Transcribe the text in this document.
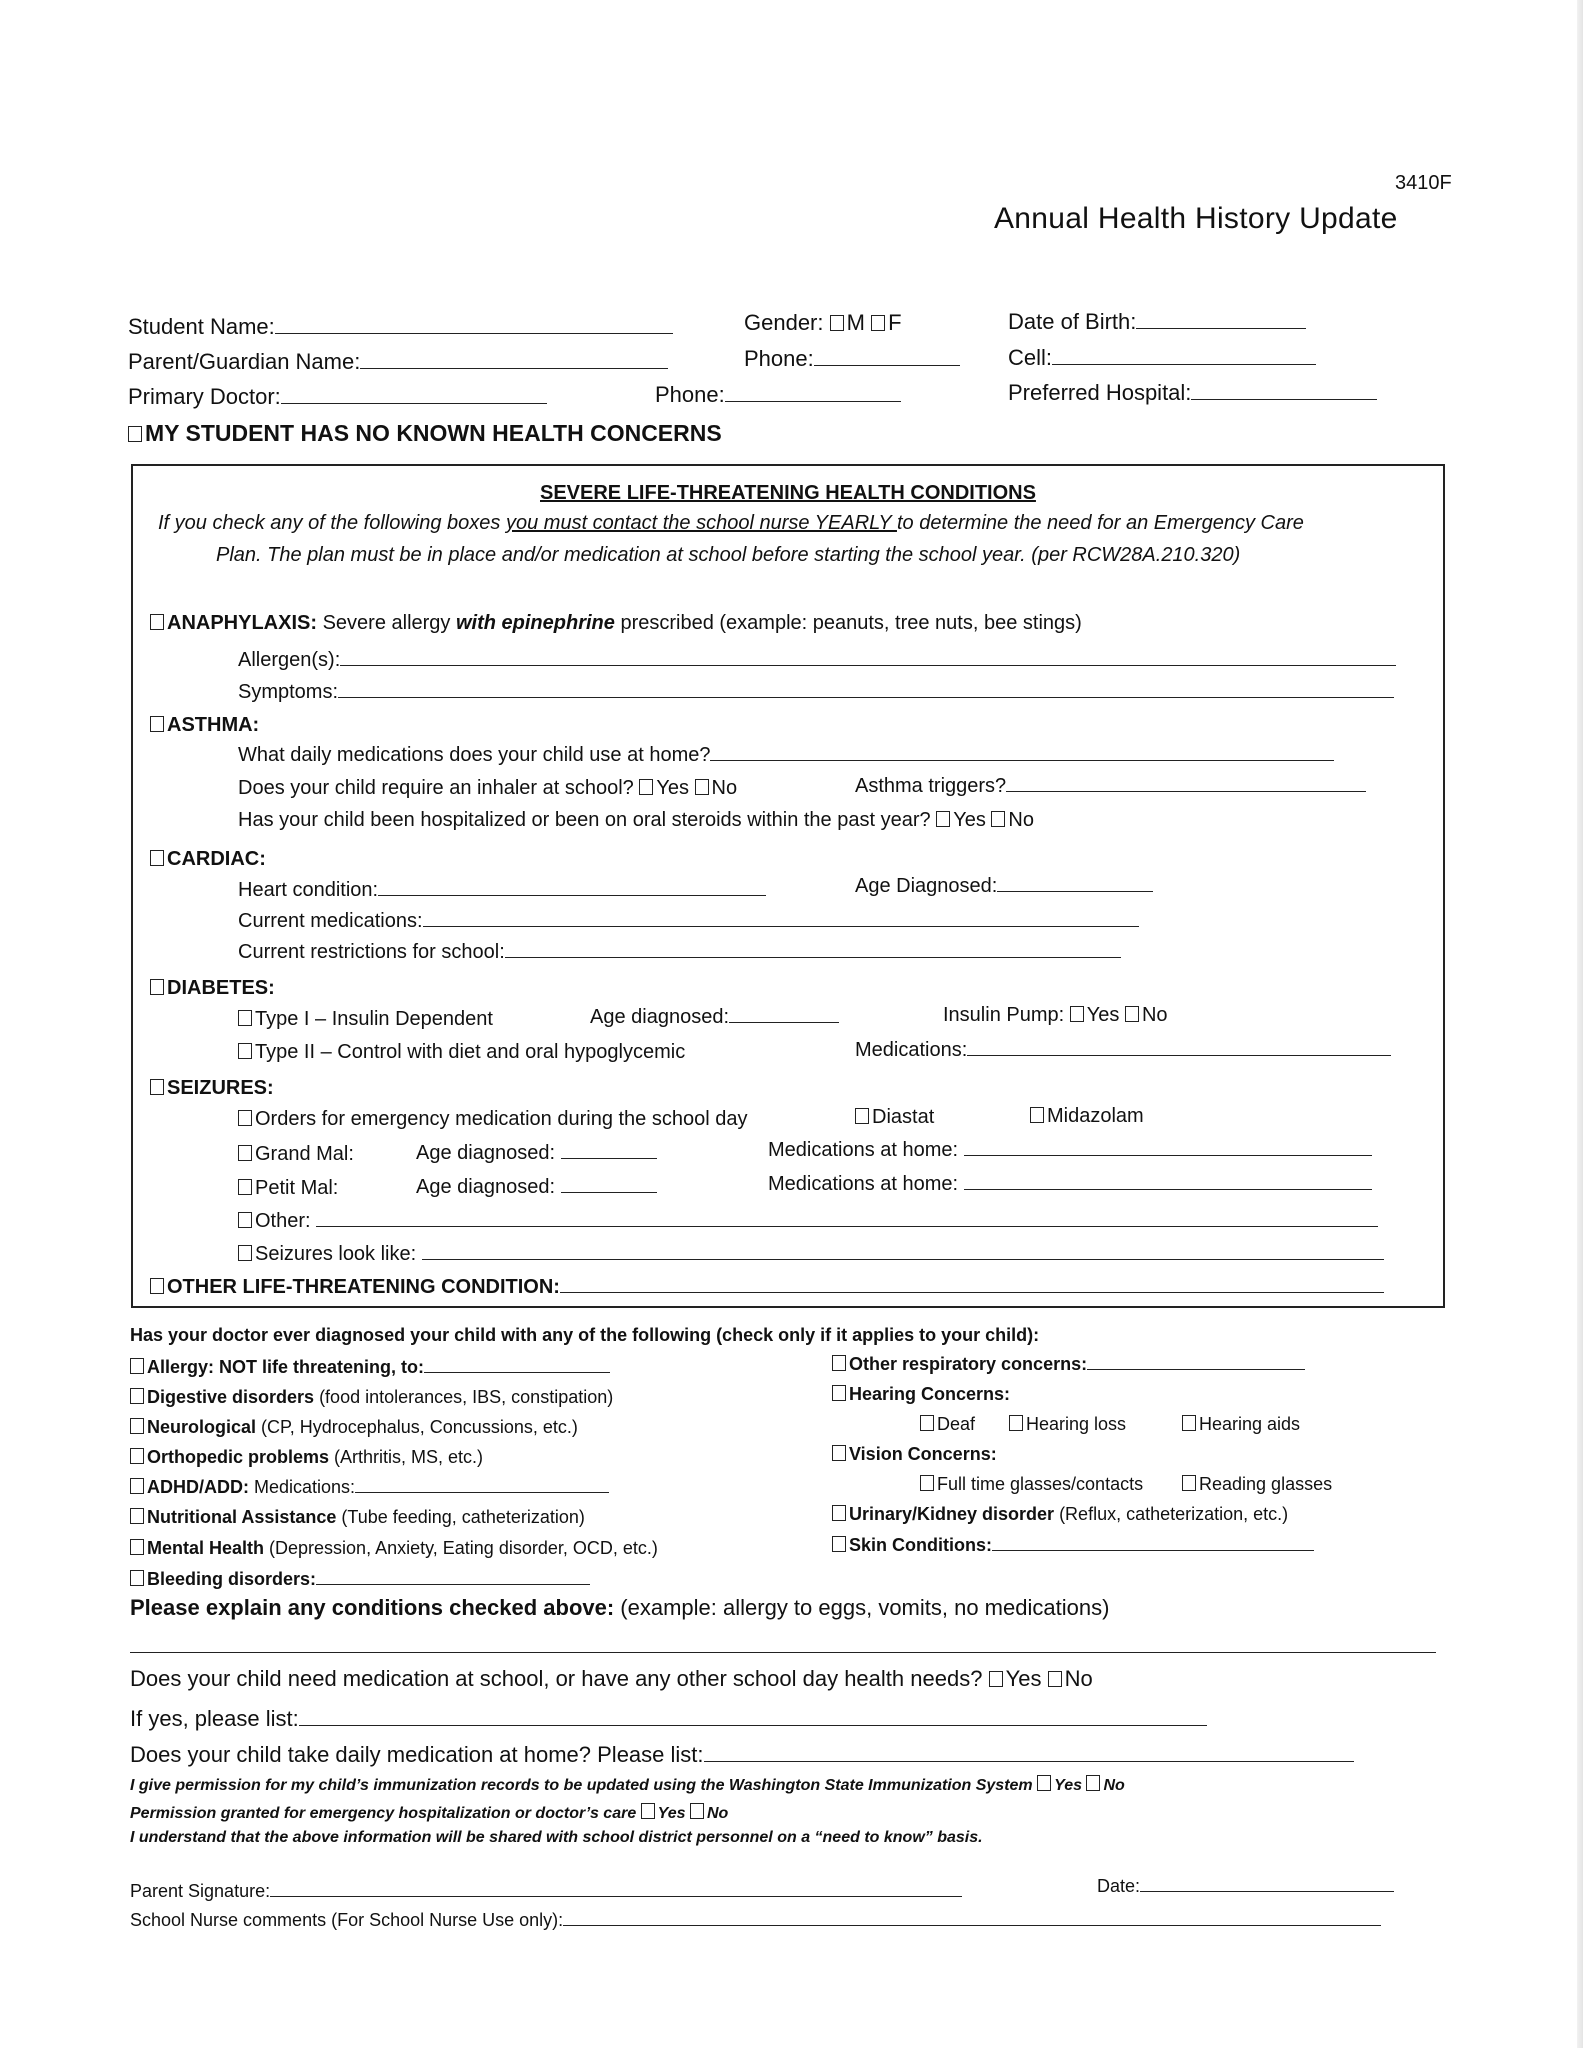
3410F
Annual Health History Update
Student Name:	Gender: M F	Date of Birth:
Parent/Guardian Name:	Phone:	Cell:
Primary Doctor:	Phone:	Preferred Hospital:
MY STUDENT HAS NO KNOWN HEALTH CONCERNS
SEVERE LIFE-THREATENING HEALTH CONDITIONS
If you check any of the following boxes you must contact the school nurse YEARLY to determine the need for an Emergency Care
Plan. The plan must be in place and/or medication at school before starting the school year. (per RCW28A.210.320)
ANAPHYLAXIS: Severe allergy with epinephrine prescribed (example: peanuts, tree nuts, bee stings)
Allergen(s):
Symptoms:
ASTHMA:
What daily medications does your child use at home?
Does your child require an inhaler at school? Yes No	Asthma triggers?
Has your child been hospitalized or been on oral steroids within the past year? Yes No
CARDIAC:
Heart condition:	Age Diagnosed:
Current medications:
Current restrictions for school:
DIABETES:
Type I – Insulin Dependent	Age diagnosed:	Insulin Pump: Yes No
Type II – Control with diet and oral hypoglycemic	Medications:
SEIZURES:
Orders for emergency medication during the school day	Diastat	Midazolam
Grand Mal:	Age diagnosed:	Medications at home:
Petit Mal:	Age diagnosed:	Medications at home:
Other:
Seizures look like:
OTHER LIFE-THREATENING CONDITION:
Has your doctor ever diagnosed your child with any of the following (check only if it applies to your child):
Allergy: NOT life threatening, to:
Digestive disorders (food intolerances, IBS, constipation)
Neurological (CP, Hydrocephalus, Concussions, etc.)
Orthopedic problems (Arthritis, MS, etc.)
ADHD/ADD: Medications:
Nutritional Assistance (Tube feeding, catheterization)
Mental Health (Depression, Anxiety, Eating disorder, OCD, etc.)
Bleeding disorders:
Other respiratory concerns:
Hearing Concerns:
Deaf	Hearing loss	Hearing aids
Vision Concerns:
Full time glasses/contacts	Reading glasses
Urinary/Kidney disorder (Reflux, catheterization, etc.)
Skin Conditions:
Please explain any conditions checked above: (example: allergy to eggs, vomits, no medications)
Does your child need medication at school, or have any other school day health needs? Yes No
If yes, please list:
Does your child take daily medication at home? Please list:
I give permission for my child’s immunization records to be updated using the Washington State Immunization System Yes No
Permission granted for emergency hospitalization or doctor’s care Yes No
I understand that the above information will be shared with school district personnel on a “need to know” basis.
Parent Signature:	Date:
School Nurse comments (For School Nurse Use only):
